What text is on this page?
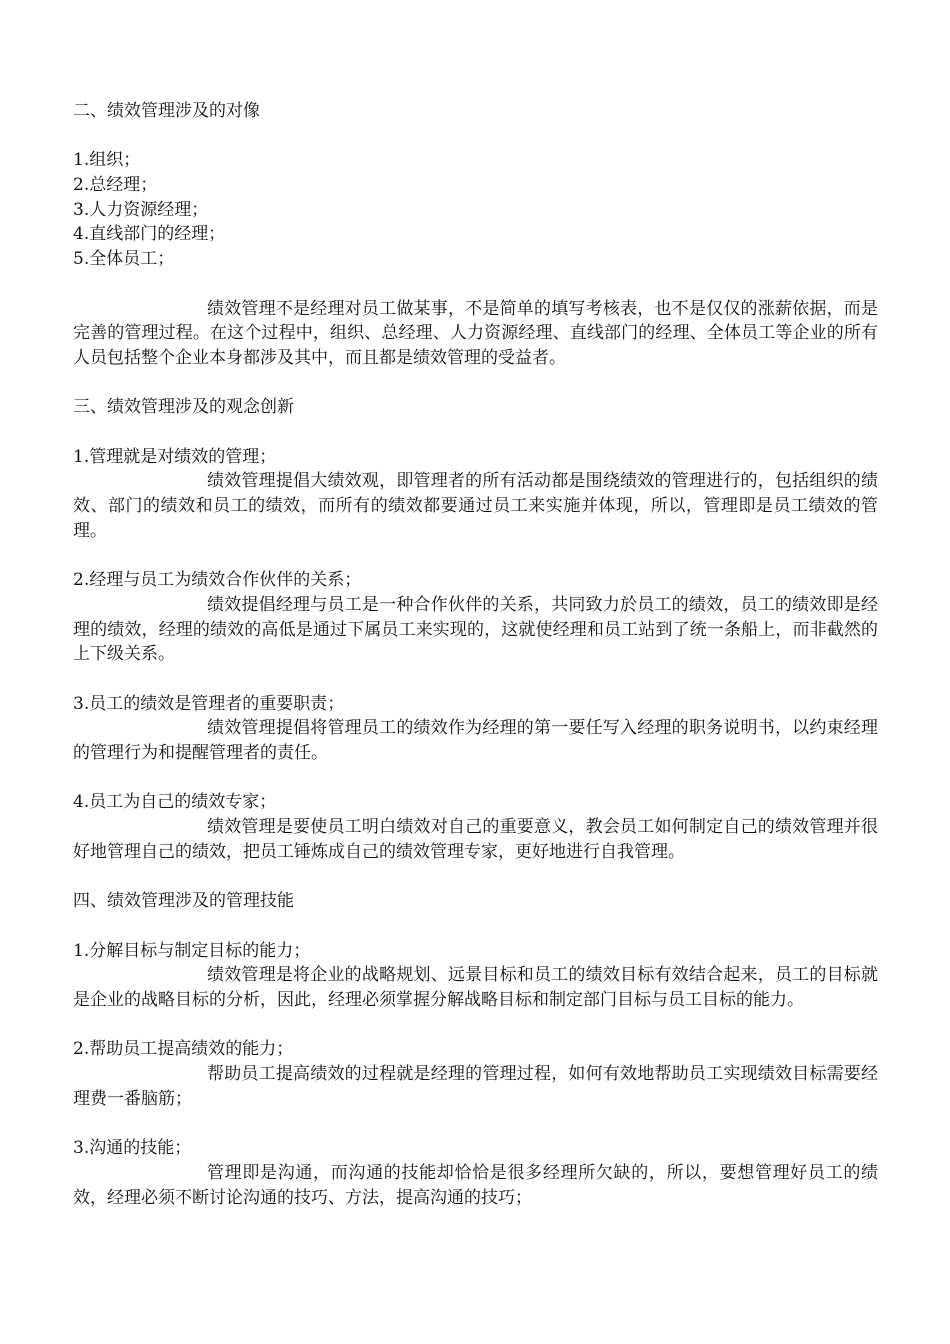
二、绩效管理涉及的对像
1.组织；
2.总经理；
3.人力资源经理；
4.直线部门的经理；
5.全体员工；

绩效管理不是经理对员工做某事，不是简单的填写考核表，也不是仅仅的涨薪依据，而是完善的管理过程。在这个过程中，组织、总经理、人力资源经理、直线部门的经理、全体员工等企业的所有人员包括整个企业本身都涉及其中，而且都是绩效管理的受益者。

三、绩效管理涉及的观念创新
1.管理就是对绩效的管理；

绩效管理提倡大绩效观，即管理者的所有活动都是围绕绩效的管理进行的，包括组织的绩效、部门的绩效和员工的绩效，而所有的绩效都要通过员工来实施并体现，所以，管理即是员工绩效的管理。

2.经理与员工为绩效合作伙伴的关系；

绩效提倡经理与员工是一种合作伙伴的关系，共同致力於员工的绩效，员工的绩效即是经理的绩效，经理的绩效的高低是通过下属员工来实现的，这就使经理和员工站到了统一条船上，而非截然的上下级关系。

3.员工的绩效是管理者的重要职责；

绩效管理提倡将管理员工的绩效作为经理的第一要任写入经理的职务说明书，以约束经理的管理行为和提醒管理者的责任。

4.员工为自己的绩效专家；

绩效管理是要使员工明白绩效对自己的重要意义，教会员工如何制定自己的绩效管理并很好地管理自己的绩效，把员工锤炼成自己的绩效管理专家，更好地进行自我管理。

四、绩效管理涉及的管理技能
1.分解目标与制定目标的能力；

绩效管理是将企业的战略规划、远景目标和员工的绩效目标有效结合起来，员工的目标就是企业的战略目标的分析，因此，经理必须掌握分解战略目标和制定部门目标与员工目标的能力。

2.帮助员工提高绩效的能力；

帮助员工提高绩效的过程就是经理的管理过程，如何有效地帮助员工实现绩效目标需要经理费一番脑筋；

3.沟通的技能；

管理即是沟通，而沟通的技能却恰恰是很多经理所欠缺的，所以，要想管理好员工的绩效，经理必须不断讨论沟通的技巧、方法，提高沟通的技巧；
